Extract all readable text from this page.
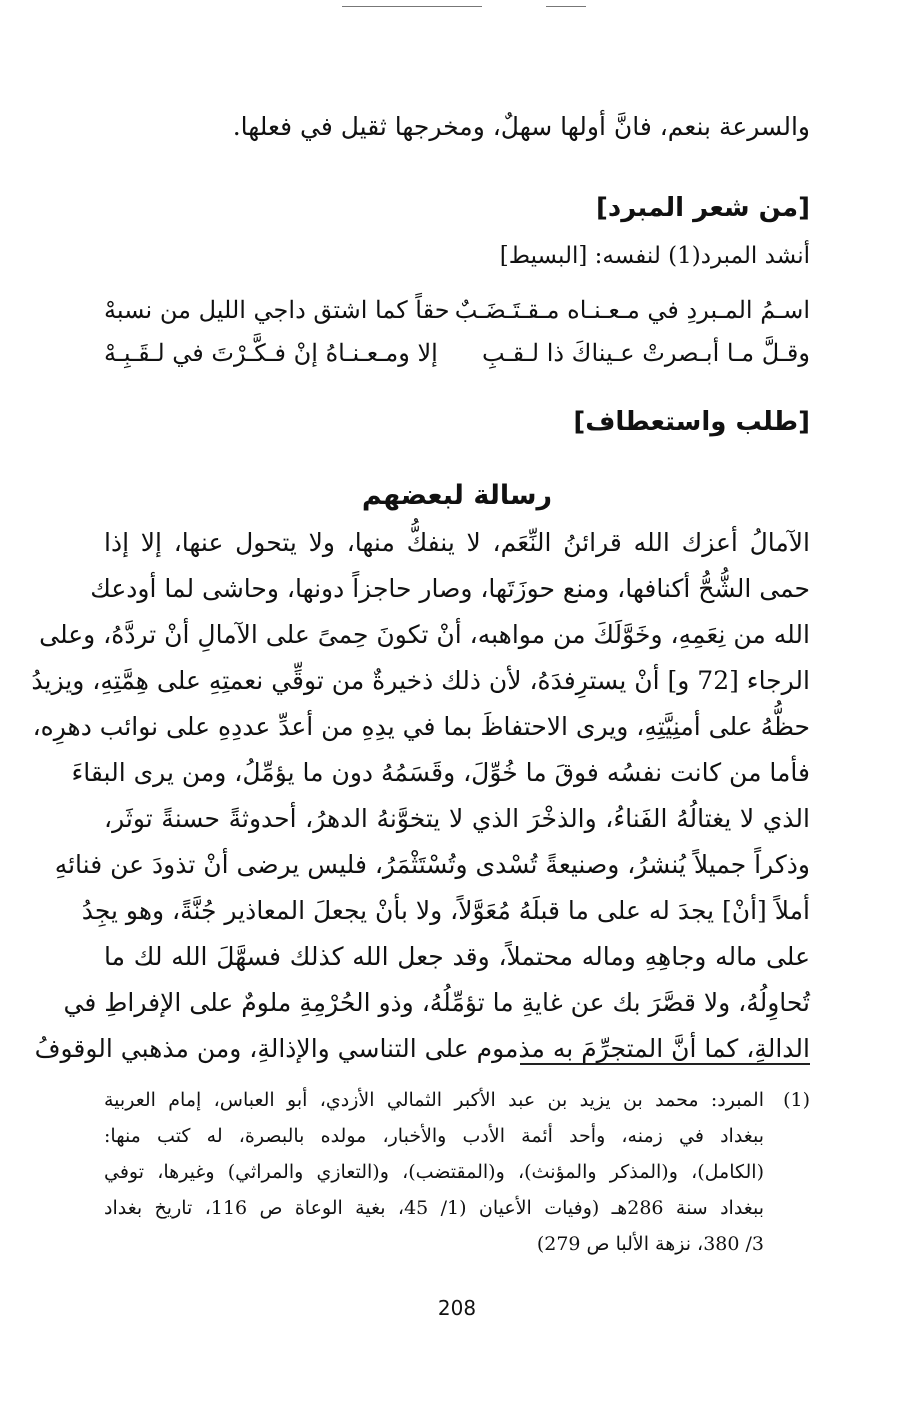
والسرعة بنعم، فانَّ أولها سهلٌ، ومخرجها ثقيل في فعلها.
[من شعر المبرد]
أنشد المبرد(1) لنفسه: [البسيط]
اسـمُ المـبردِ في مـعـنـاه مـقـتَـضَـبٌ
حقاً كما اشتق داجي الليل من نسبهْ
وقـلَّ مـا أبـصرتْ عـيناكَ ذا لـقـبِ
إلا ومـعـنـاهُ إنْ فـكَّـرْتَ في لـقَـبِـهْ
[طلب واستعطاف]
رسالة لبعضهم
الآمالُ أعزك الله قرائنُ النِّعَم، لا ينفكُّ منها، ولا يتحول عنها، إلا إذا
حمى الشُّحُّ أكنافها، ومنع حوزَتَها، وصار حاجزاً دونها، وحاشى لما أودعك
الله من نِعَمِهِ، وخَوَّلَكَ من مواهبه، أنْ تكونَ حِمىً على الآمالِ أنْ تردَّهُ، وعلى
الرجاء [72 و] أنْ يسترِفدَهُ، لأن ذلك ذخيرةٌ من توقِّي نعمتِهِ على هِمَّتِهِ، ويزيدُ
حظُّهُ على أمنِيَّتِهِ، ويرى الاحتفاظَ بما في يدِهِ من أعدِّ عددِهِ على نوائب دهرِه،
فأما من كانت نفسُه فوقَ ما خُوِّلَ، وقَسَمُهُ دون ما يؤمِّلُ، ومن يرى البقاءَ
الذي لا يغتالُهُ الفَناءُ، والذخْرَ الذي لا يتخوَّنهُ الدهرُ، أحدوثةً حسنةً توثَر،
وذكراً جميلاً يُنشرُ، وصنيعةً تُسْدى وتُسْتَثْمَرُ، فليس يرضى أنْ تذودَ عن فنائهِ
أملاً [أنْ] يجدَ له على ما قبلَهُ مُعَوَّلاً، ولا بأنْ يجعلَ المعاذير جُنَّةً، وهو يجِدُ
على ماله وجاهِهِ وماله محتملاً، وقد جعل الله كذلك فسهَّلَ الله لك ما
تُحاوِلُهُ، ولا قصَّرَ بك عن غايةِ ما تؤمِّلُهُ، وذو الحُرْمِةِ ملومٌ على الإفراطِ في
الدالةِ، كما أنَّ المتجرِّمَ به مذموم على التناسي والإذالةِ، ومن مذهبي الوقوفُ
(1)المبرد: محمد بن يزيد بن عبد الأكبر الثمالي الأزدي، أبو العباس، إمام العربية
ببغداد في زمنه، وأحد أئمة الأدب والأخبار، مولده بالبصرة، له كتب منها:
(الكامل)، و(المذكر والمؤنث)، و(المقتضب)، و(التعازي والمراثي) وغيرها، توفي
ببغداد سنة 286هـ (وفيات الأعيان (1/ 45، بغية الوعاة ص 116، تاريخ بغداد
3/ 380، نزهة الألبا ص 279)
208
